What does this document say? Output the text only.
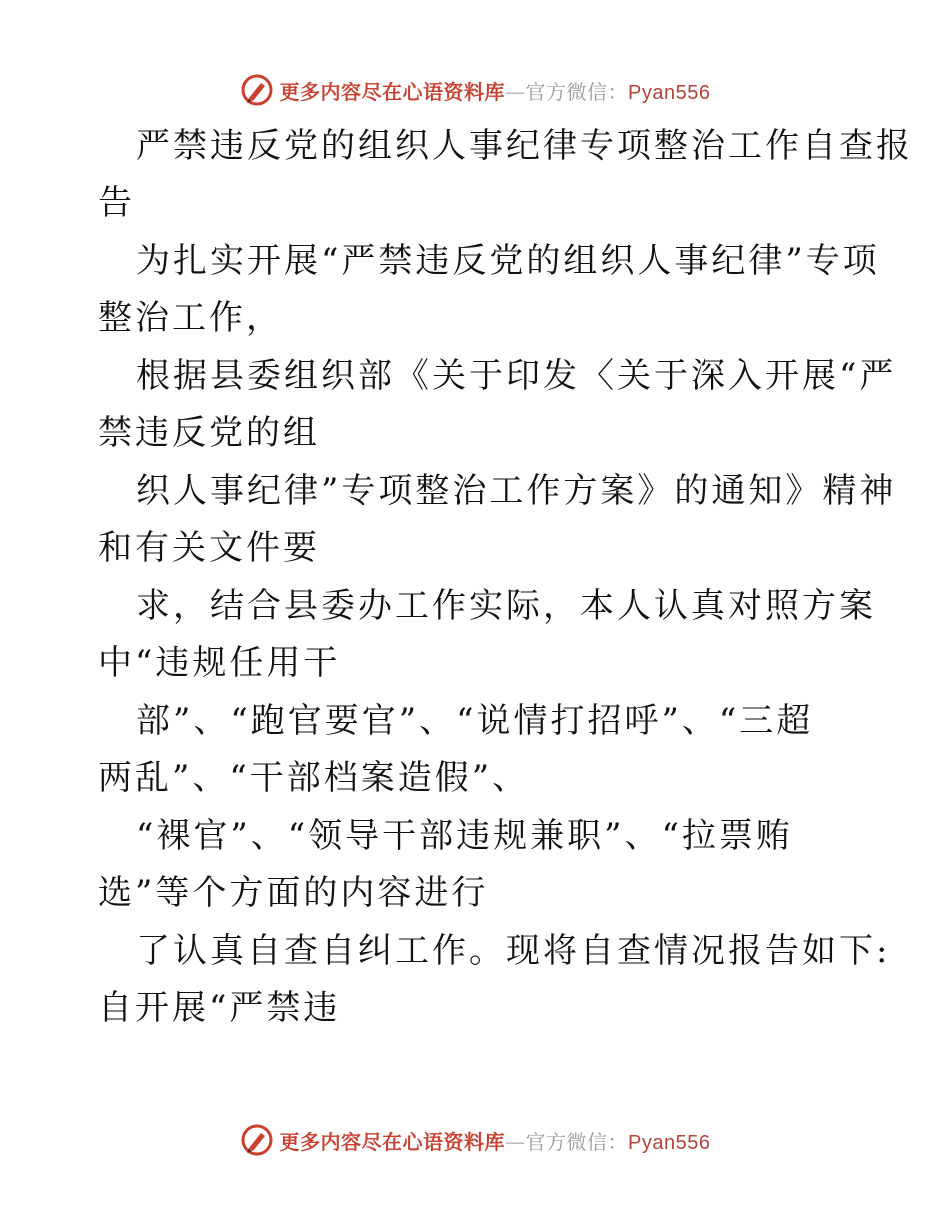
更多内容尽在心语资料库—官方微信：Pyan556
严禁违反党的组织人事纪律专项整治工作自查报
告
为扎实开展“严禁违反党的组织人事纪律”专项
整治工作，
根据县委组织部《关于印发〈关于深入开展“严
禁违反党的组
织人事纪律”专项整治工作方案》的通知》精神
和有关文件要
求，结合县委办工作实际，本人认真对照方案
中“违规任用干
部”、“跑官要官”、“说情打招呼”、“三超
两乱”、“干部档案造假”、
“裸官”、“领导干部违规兼职”、“拉票贿
选”等个方面的内容进行
了认真自查自纠工作。现将自查情况报告如下:
自开展“严禁违
更多内容尽在心语资料库—官方微信：Pyan556
